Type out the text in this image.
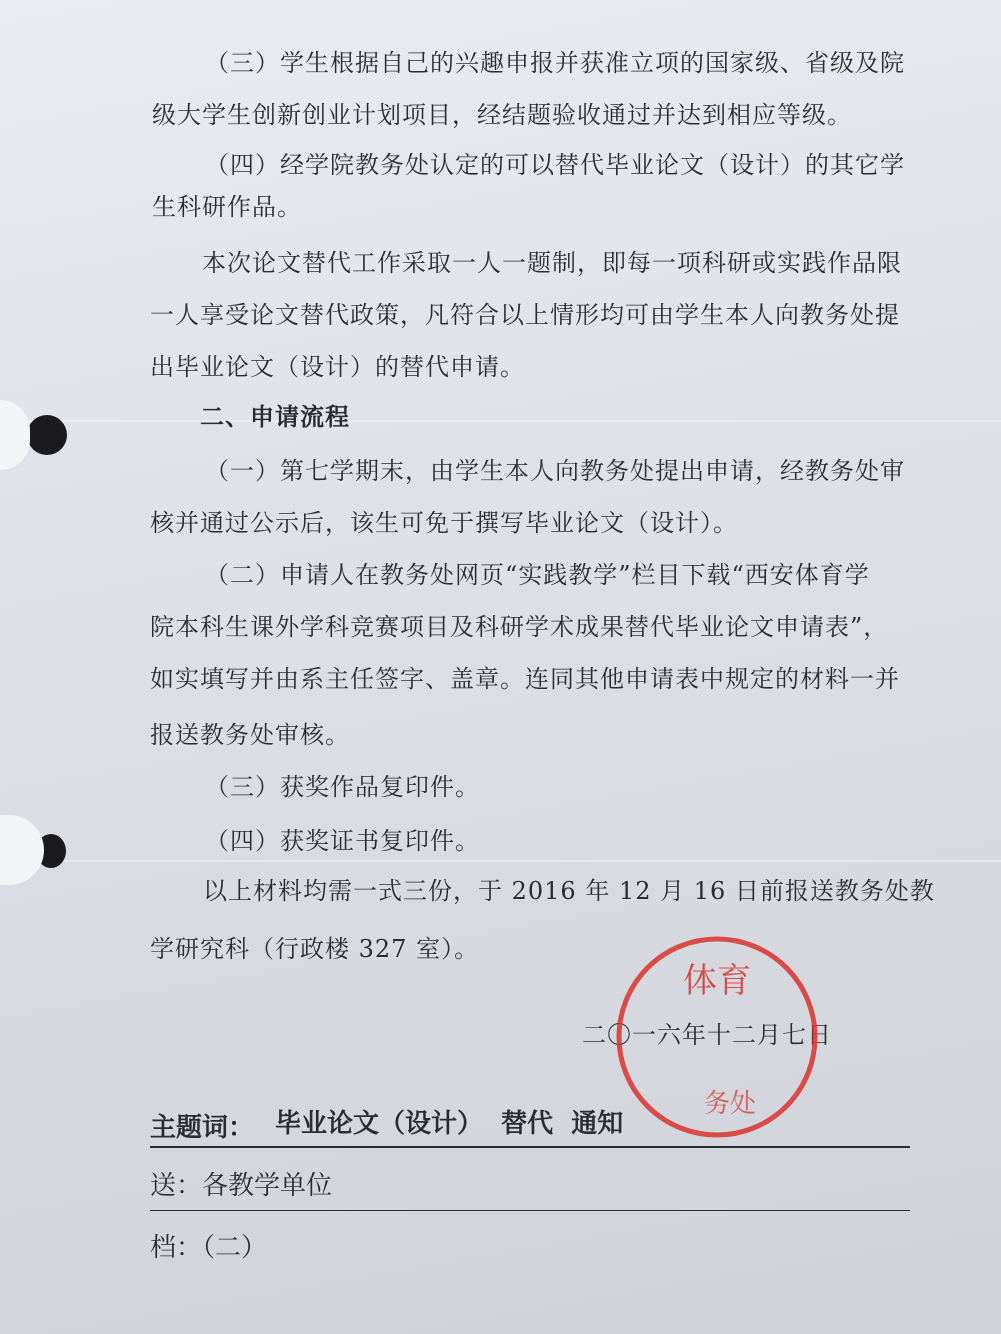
（三）学生根据自己的兴趣申报并获准立项的国家级、省级及院
级大学生创新创业计划项目，经结题验收通过并达到相应等级。
（四）经学院教务处认定的可以替代毕业论文（设计）的其它学
生科研作品。
本次论文替代工作采取一人一题制，即每一项科研或实践作品限
一人享受论文替代政策，凡符合以上情形均可由学生本人向教务处提
出毕业论文（设计）的替代申请。
二、申请流程
（一）第七学期末，由学生本人向教务处提出申请，经教务处审
核并通过公示后，该生可免于撰写毕业论文（设计）。
（二）申请人在教务处网页“实践教学”栏目下载“西安体育学
院本科生课外学科竞赛项目及科研学术成果替代毕业论文申请表”，
如实填写并由系主任签字、盖章。连同其他申请表中规定的材料一并
报送教务处审核。
（三）获奖作品复印件。
（四）获奖证书复印件。
以上材料均需一式三份，于 2016 年 12 月 16 日前报送教务处教
学研究科（行政楼 327 室）。
二〇一六年十二月七日
体育
务处
主题词： 毕业论文（设计）  替代  通知
送：各教学单位
档：（二）
